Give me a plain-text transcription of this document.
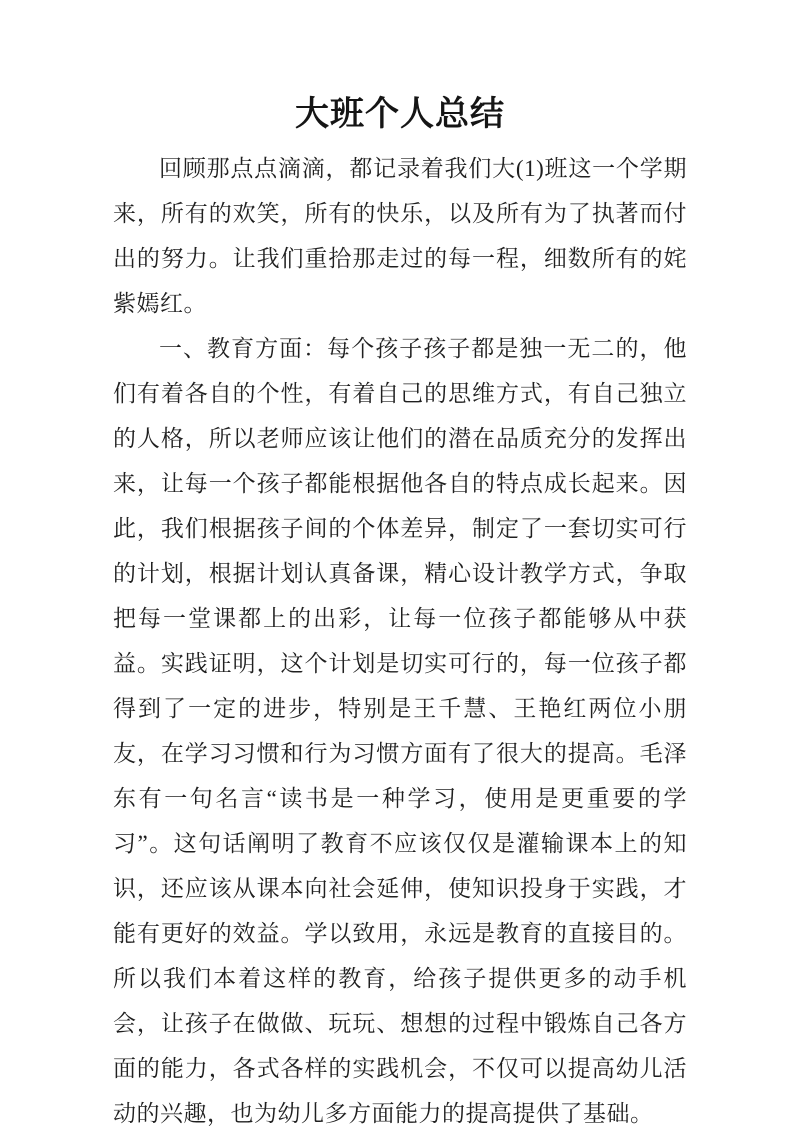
大班个人总结

回顾那点点滴滴，都记录着我们大(1)班这一个学期来，所有的欢笑，所有的快乐，以及所有为了执著而付出的努力。让我们重拾那走过的每一程，细数所有的姹紫嫣红。

一、教育方面：每个孩子孩子都是独一无二的，他们有着各自的个性，有着自己的思维方式，有自己独立的人格，所以老师应该让他们的潜在品质充分的发挥出来，让每一个孩子都能根据他各自的特点成长起来。因此，我们根据孩子间的个体差异，制定了一套切实可行的计划，根据计划认真备课，精心设计教学方式，争取把每一堂课都上的出彩，让每一位孩子都能够从中获益。实践证明，这个计划是切实可行的，每一位孩子都得到了一定的进步，特别是王千慧、王艳红两位小朋友，在学习习惯和行为习惯方面有了很大的提高。毛泽东有一句名言“读书是一种学习，使用是更重要的学习”。这句话阐明了教育不应该仅仅是灌输课本上的知识，还应该从课本向社会延伸，使知识投身于实践，才能有更好的效益。学以致用，永远是教育的直接目的。所以我们本着这样的教育，给孩子提供更多的动手机会，让孩子在做做、玩玩、想想的过程中锻炼自己各方面的能力，各式各样的实践机会，不仅可以提高幼儿活动的兴趣，也为幼儿多方面能力的提高提供了基础。
